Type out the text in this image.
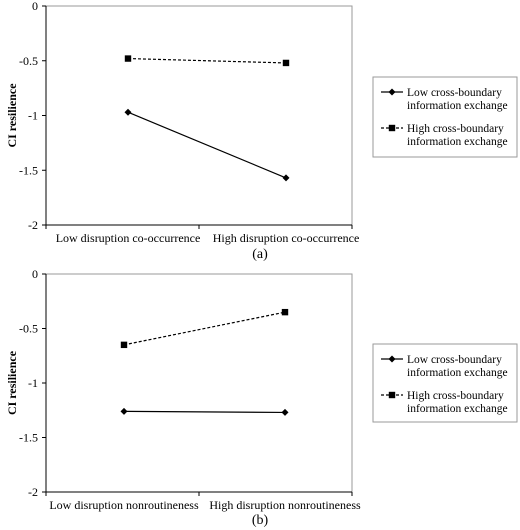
0
-0.5
-1
-1.5
-2
Low disruption co-occurrence High disruption co-occurrence
CI resilience	Low cross-boundary
information exchange
High cross-boundary
information exchange
(a)
0
-0.5
-1
-1.5
-2
Low disruption nonroutineness High disruption nonroutineness
CI resilience	Low cross-boundary
information exchange
High cross-boundary
information exchange
(b)
